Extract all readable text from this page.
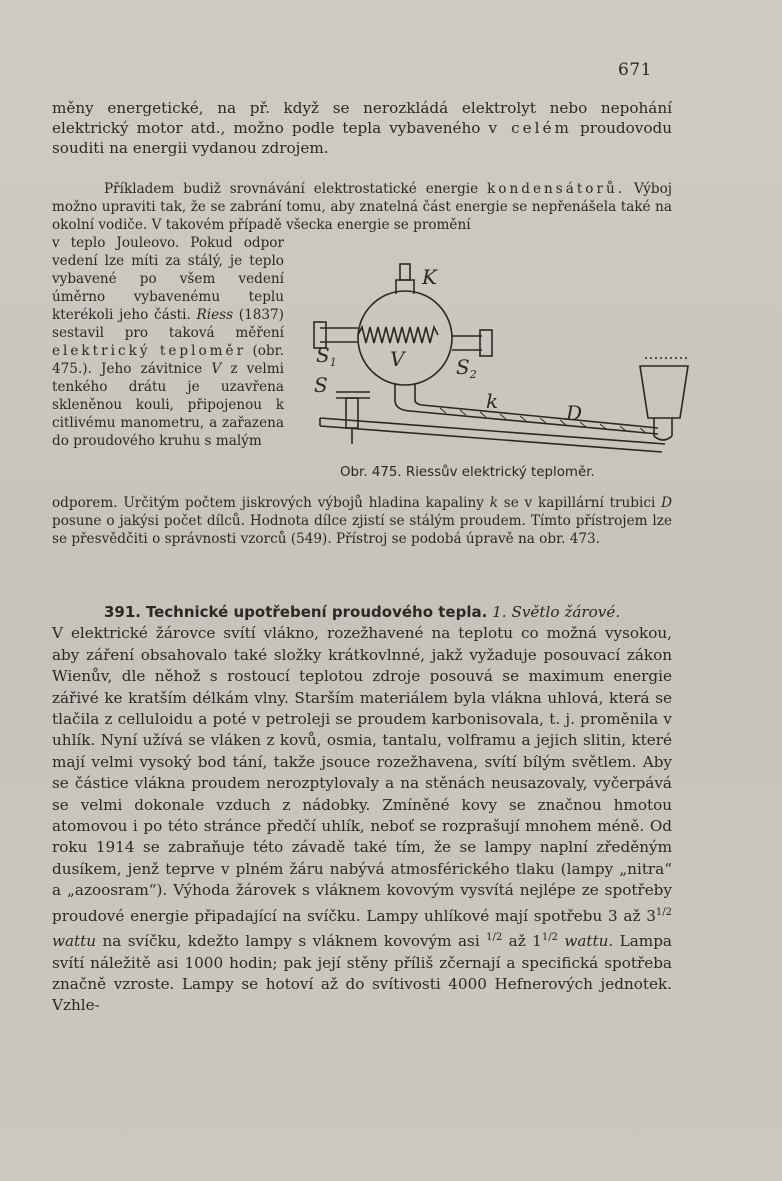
671

měny energetické, na př. když se nerozkládá elektrolyt nebo nepohání elektrický motor atd., možno podle tepla vybaveného v celém proudovodu souditi na energii vydanou zdrojem.

Příkladem budiž srovnávání elektrostatické energie kondensátorů. Výboj možno upraviti tak, že se zabrání tomu, aby znatelná část energie se nepřenášela také na okolní vodiče. V takovém případě všecka energie se promění

v teplo Jouleovo. Pokud odpor vedení lze míti za stálý, je teplo vybavené po všem vedení úměrno vybavenému teplu kterékoli jeho části. Riess (1837) sestavil pro taková měření elektrický teploměr (obr. 475.). Jeho závitnice V z velmi tenkého drátu je uzavřena skleněnou kouli, připojenou k citlivému manometru, a zařazena do proudového kruhu s malým

K
$S_1$	V	$S_2$
S
k	D
Obr. 475. Riessův elektrický teploměr.

odporem. Určitým počtem jiskrových výbojů hladina kapaliny k se v kapillární trubici D posune o jakýsi počet dílců. Hodnota dílce zjistí se stálým proudem. Tímto přístrojem lze se přesvědčiti o správnosti vzorců (549). Přístroj se podobá úpravě na obr. 473.

391. Technické upotřebení proudového tepla. 1. Světlo žárové.
V elektrické žárovce svítí vlákno, rozežhavené na teplotu co možná vysokou, aby záření obsahovalo také složky krátkovlnné, jakž vyžaduje posouvací zákon Wienův, dle něhož s rostoucí teplotou zdroje posouvá se maximum energie zářivé ke kratším délkám vlny. Starším materiálem byla vlákna uhlová, která se tlačila z celluloidu a poté v petroleji se proudem karbonisovala, t. j. proměnila v uhlík. Nyní užívá se vláken z kovů, osmia, tantalu, volframu a jejich slitin, které mají velmi vysoký bod tání, takže jsouce rozežhavena, svítí bílým světlem. Aby se částice vlákna proudem nerozptylovaly a na stěnách neusazovaly, vyčerpává se velmi dokonale vzduch z nádobky. Zmíněné kovy se značnou hmotou atomovou i po této stránce předčí uhlík, neboť se rozprašují mnohem méně. Od roku 1914 se zabraňuje této závadě také tím, že se lampy naplní zředěným dusíkem, jenž teprve v plném žáru nabývá atmosférického tlaku (lampy „nitra“ a „azoosram“). Výhoda žárovek s vláknem kovovým vysvítá nejlépe ze spotřeby proudové energie připadající na svíčku. Lampy uhlíkové mají spotřebu 3 až $3^{1/2}$ wattu na svíčku, kdežto lampy s vláknem kovovým asi $^{1/2}$ až $1^{1/2}$ wattu. Lampa svítí náležitě asi 1000 hodin; pak její stěny příliš zčernají a specifická spotřeba značně vzroste. Lampy se hotoví až do svítivosti 4000 Hefnerových jednotek. Vzhle-
